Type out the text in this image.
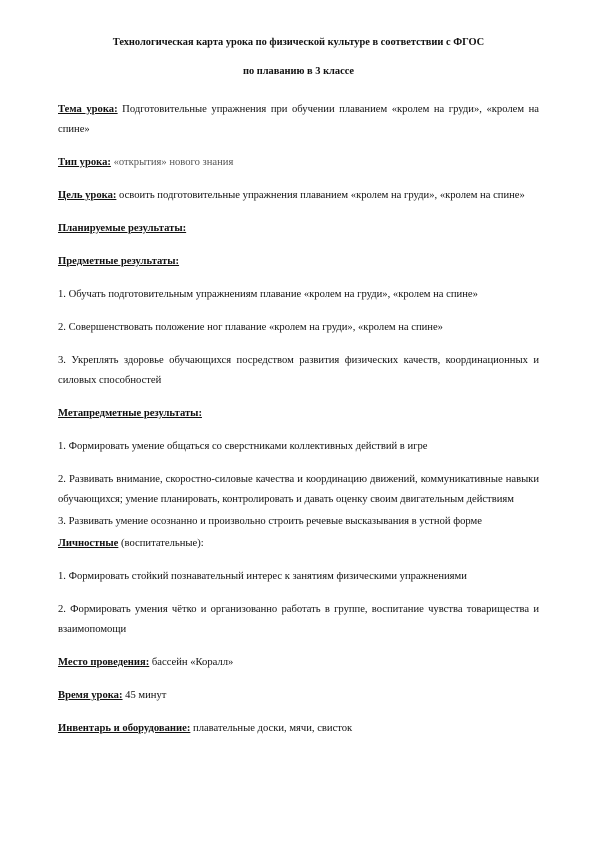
Технологическая карта урока по физической культуре в соответствии с ФГОС
по плаванию в 3 классе

Тема урока: Подготовительные упражнения при обучении плаванием «кролем на груди», «кролем на спине»

Тип урока: «открытия» нового знания

Цель урока: освоить подготовительные упражнения плаванием «кролем на груди», «кролем на спине»

Планируемые результаты:

Предметные результаты:

1. Обучать подготовительным упражнениям плавание «кролем на груди», «кролем на спине»

2. Совершенствовать положение ног плавание «кролем на груди», «кролем на спине»

3. Укреплять здоровье обучающихся посредством развития физических качеств, координационных и силовых способностей

Метапредметные результаты:

1. Формировать умение общаться со сверстниками коллективных действий в игре

2. Развивать внимание, скоростно-силовые качества и координацию движений, коммуникативные навыки обучающихся; умение планировать, контролировать и давать оценку своим двигательным действиям

3. Развивать умение осознанно и произвольно строить речевые высказывания в устной форме

Личностные (воспитательные):

1. Формировать стойкий познавательный интерес к занятиям физическими упражнениями

2. Формировать умения чётко и организованно работать в группе, воспитание чувства товарищества и взаимопомощи

Место проведения: бассейн «Коралл»

Время урока: 45 минут

Инвентарь и оборудование: плавательные доски, мячи, свисток
